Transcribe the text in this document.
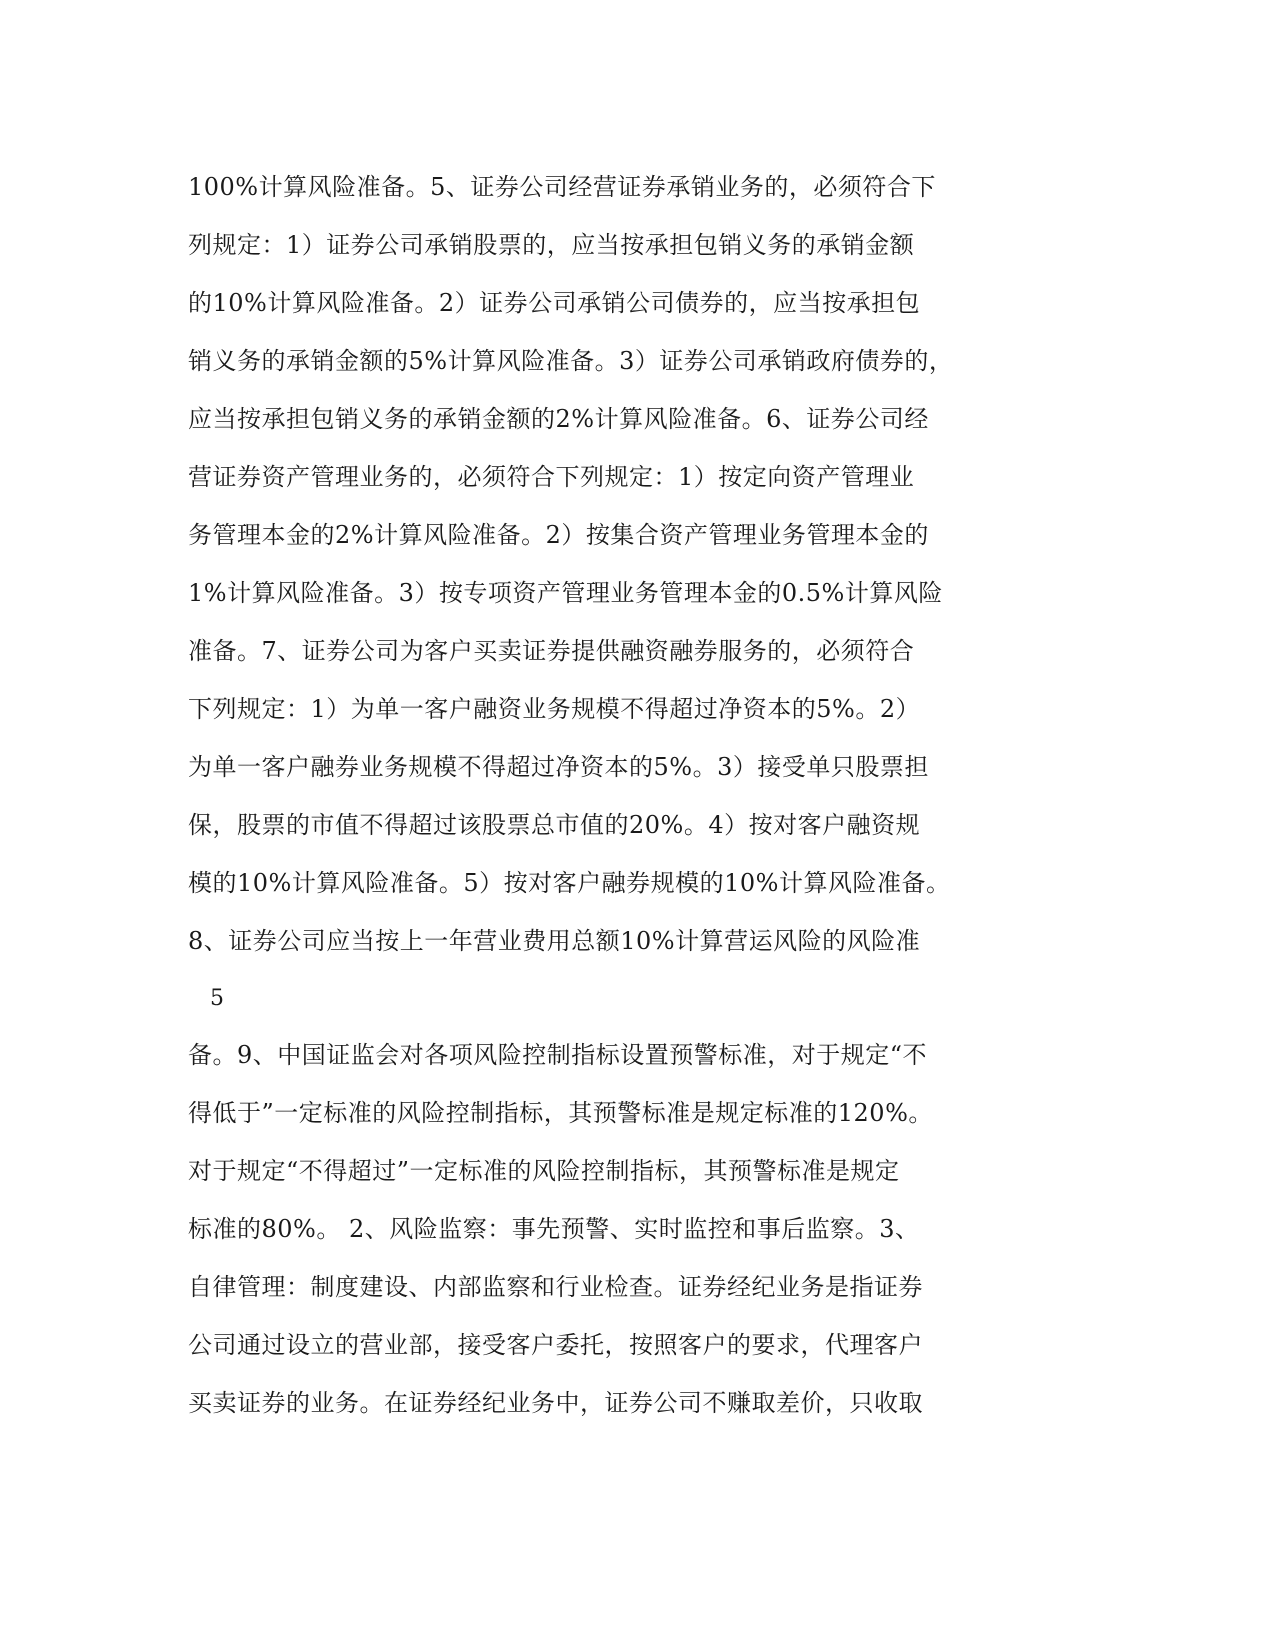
100%计算风险准备。5、证券公司经营证券承销业务的，必须符合下
列规定：1）证券公司承销股票的，应当按承担包销义务的承销金额
的10%计算风险准备。2）证券公司承销公司债券的，应当按承担包
销义务的承销金额的5%计算风险准备。3）证券公司承销政府债券的，
应当按承担包销义务的承销金额的2%计算风险准备。6、证券公司经
营证券资产管理业务的，必须符合下列规定：1）按定向资产管理业
务管理本金的2%计算风险准备。2）按集合资产管理业务管理本金的
1%计算风险准备。3）按专项资产管理业务管理本金的0.5%计算风险
准备。7、证券公司为客户买卖证券提供融资融券服务的，必须符合
下列规定：1）为单一客户融资业务规模不得超过净资本的5%。2）
为单一客户融券业务规模不得超过净资本的5%。3）接受单只股票担
保，股票的市值不得超过该股票总市值的20%。4）按对客户融资规
模的10%计算风险准备。5）按对客户融券规模的10%计算风险准备。
8、证券公司应当按上一年营业费用总额10%计算营运风险的风险准
5
备。9、中国证监会对各项风险控制指标设置预警标准，对于规定“不
得低于”一定标准的风险控制指标，其预警标准是规定标准的120%。
对于规定“不得超过”一定标准的风险控制指标，其预警标准是规定
标准的80%。 2、风险监察：事先预警、实时监控和事后监察。3、
自律管理：制度建设、内部监察和行业检查。证券经纪业务是指证券
公司通过设立的营业部，接受客户委托，按照客户的要求，代理客户
买卖证券的业务。在证券经纪业务中，证券公司不赚取差价，只收取
